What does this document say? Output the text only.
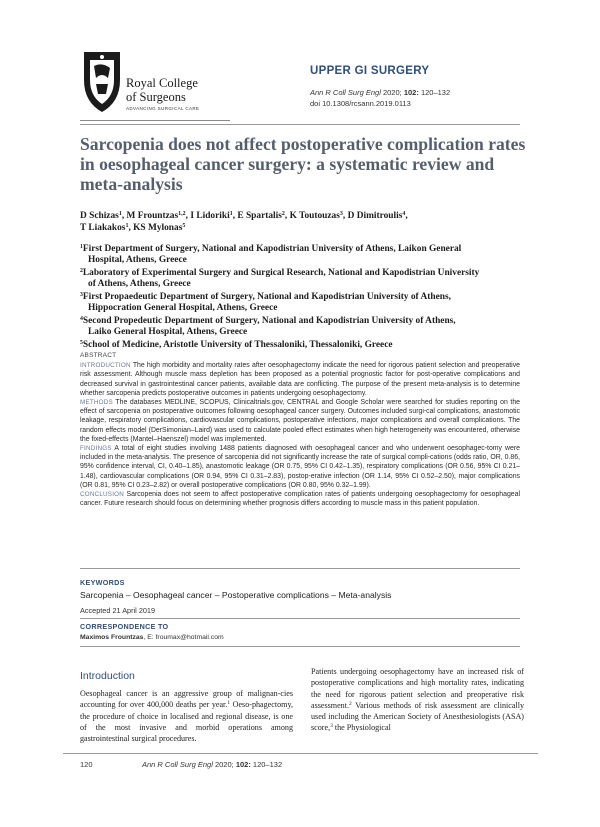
Royal College
of Surgeons
ADVANCING SURGICAL CARE
UPPER GI SURGERY
Ann R Coll Surg Engl 2020; 102: 120–132
doi 10.1308/rcsann.2019.0113
Sarcopenia does not affect postoperative complication rates in oesophageal cancer surgery: a systematic review and meta-analysis
D Schizas$^1$, M Frountzas$^{1,2}$, I Lidoriki$^1$, E Spartalis$^2$, K Toutouzas$^3$, D Dimitroulis$^4$,
T Liakakos$^1$, KS Mylonas$^5$

$^1$First Department of Surgery, National and Kapodistrian University of Athens, Laikon General
Hospital, Athens, Greece

$^2$Laboratory of Experimental Surgery and Surgical Research, National and Kapodistrian University
of Athens, Athens, Greece

$^3$First Propaedeutic Department of Surgery, National and Kapodistrian University of Athens,
Hippocration General Hospital, Athens, Greece

$^4$Second Propedeutic Department of Surgery, National and Kapodistrian University of Athens,
Laiko General Hospital, Athens, Greece

$^5$School of Medicine, Aristotle University of Thessaloniki, Thessaloniki, Greece

ABSTRACT

INTRODUCTION The high morbidity and mortality rates after oesophagectomy indicate the need for rigorous patient selection and preoperative risk assessment. Although muscle mass depletion has been proposed as a potential prognostic factor for post-operative complications and decreased survival in gastrointestinal cancer patients, available data are conflicting. The purpose of the present meta-analysis is to determine whether sarcopenia predicts postoperative outcomes in patients undergoing oesophagectomy.

METHODS The databases MEDLINE, SCOPUS, Clinicaltrials.gov, CENTRAL and Google Scholar were searched for studies reporting on the effect of sarcopenia on postoperative outcomes following oesophageal cancer surgery. Outcomes included surgi-cal complications, anastomotic leakage, respiratory complications, cardiovascular complications, postoperative infections, major complications and overall complications. The random effects model (DerSimonian–Laird) was used to calculate pooled effect estimates when high heterogeneity was encountered, otherwise the fixed-effects (Mantel–Haenszel) model was implemented.

FINDINGS A total of eight studies involving 1488 patients diagnosed with oesophageal cancer and who underwent oesophagec-tomy were included in the meta-analysis. The presence of sarcopenia did not significantly increase the rate of surgical compli-cations (odds ratio, OR, 0.86, 95% confidence interval, CI, 0.40–1.85), anastomotic leakage (OR 0.75, 95% CI 0.42–1.35), respiratory complications (OR 0.56, 95% CI 0.21–1.48), cardiovascular complications (OR 0.94, 95% CI 0.31–2.83), postop-erative infection (OR 1.14, 95% CI 0.52–2.50), major complications (OR 0.81, 95% CI 0.23–2.82) or overall postoperative complications (OR 0.80, 95% 0.32–1.99).

CONCLUSION Sarcopenia does not seem to affect postoperative complication rates of patients undergoing oesophagectomy for oesophageal cancer. Future research should focus on determining whether prognosis differs according to muscle mass in this patient population.

KEYWORDS
Sarcopenia – Oesophageal cancer – Postoperative complications – Meta-analysis
Accepted 21 April 2019
CORRESPONDENCE TO
Maximos Frountzas, E: froumax@hotmail.com
Introduction
Oesophageal cancer is an aggressive group of malignan-cies accounting for over 400,000 deaths per year.$^1$ Oeso-phagectomy, the procedure of choice in localised and regional disease, is one of the most invasive and morbid operations among gastrointestinal surgical procedures.
Patients undergoing oesophagectomy have an increased risk of postoperative complications and high mortality rates, indicating the need for rigorous patient selection and preoperative risk assessment.$^2$ Various methods of risk assessment are clinically used including the American Society of Anesthesiologists (ASA) score,$^3$ the Physiological
120	Ann R Coll Surg Engl 2020; 102: 120–132
